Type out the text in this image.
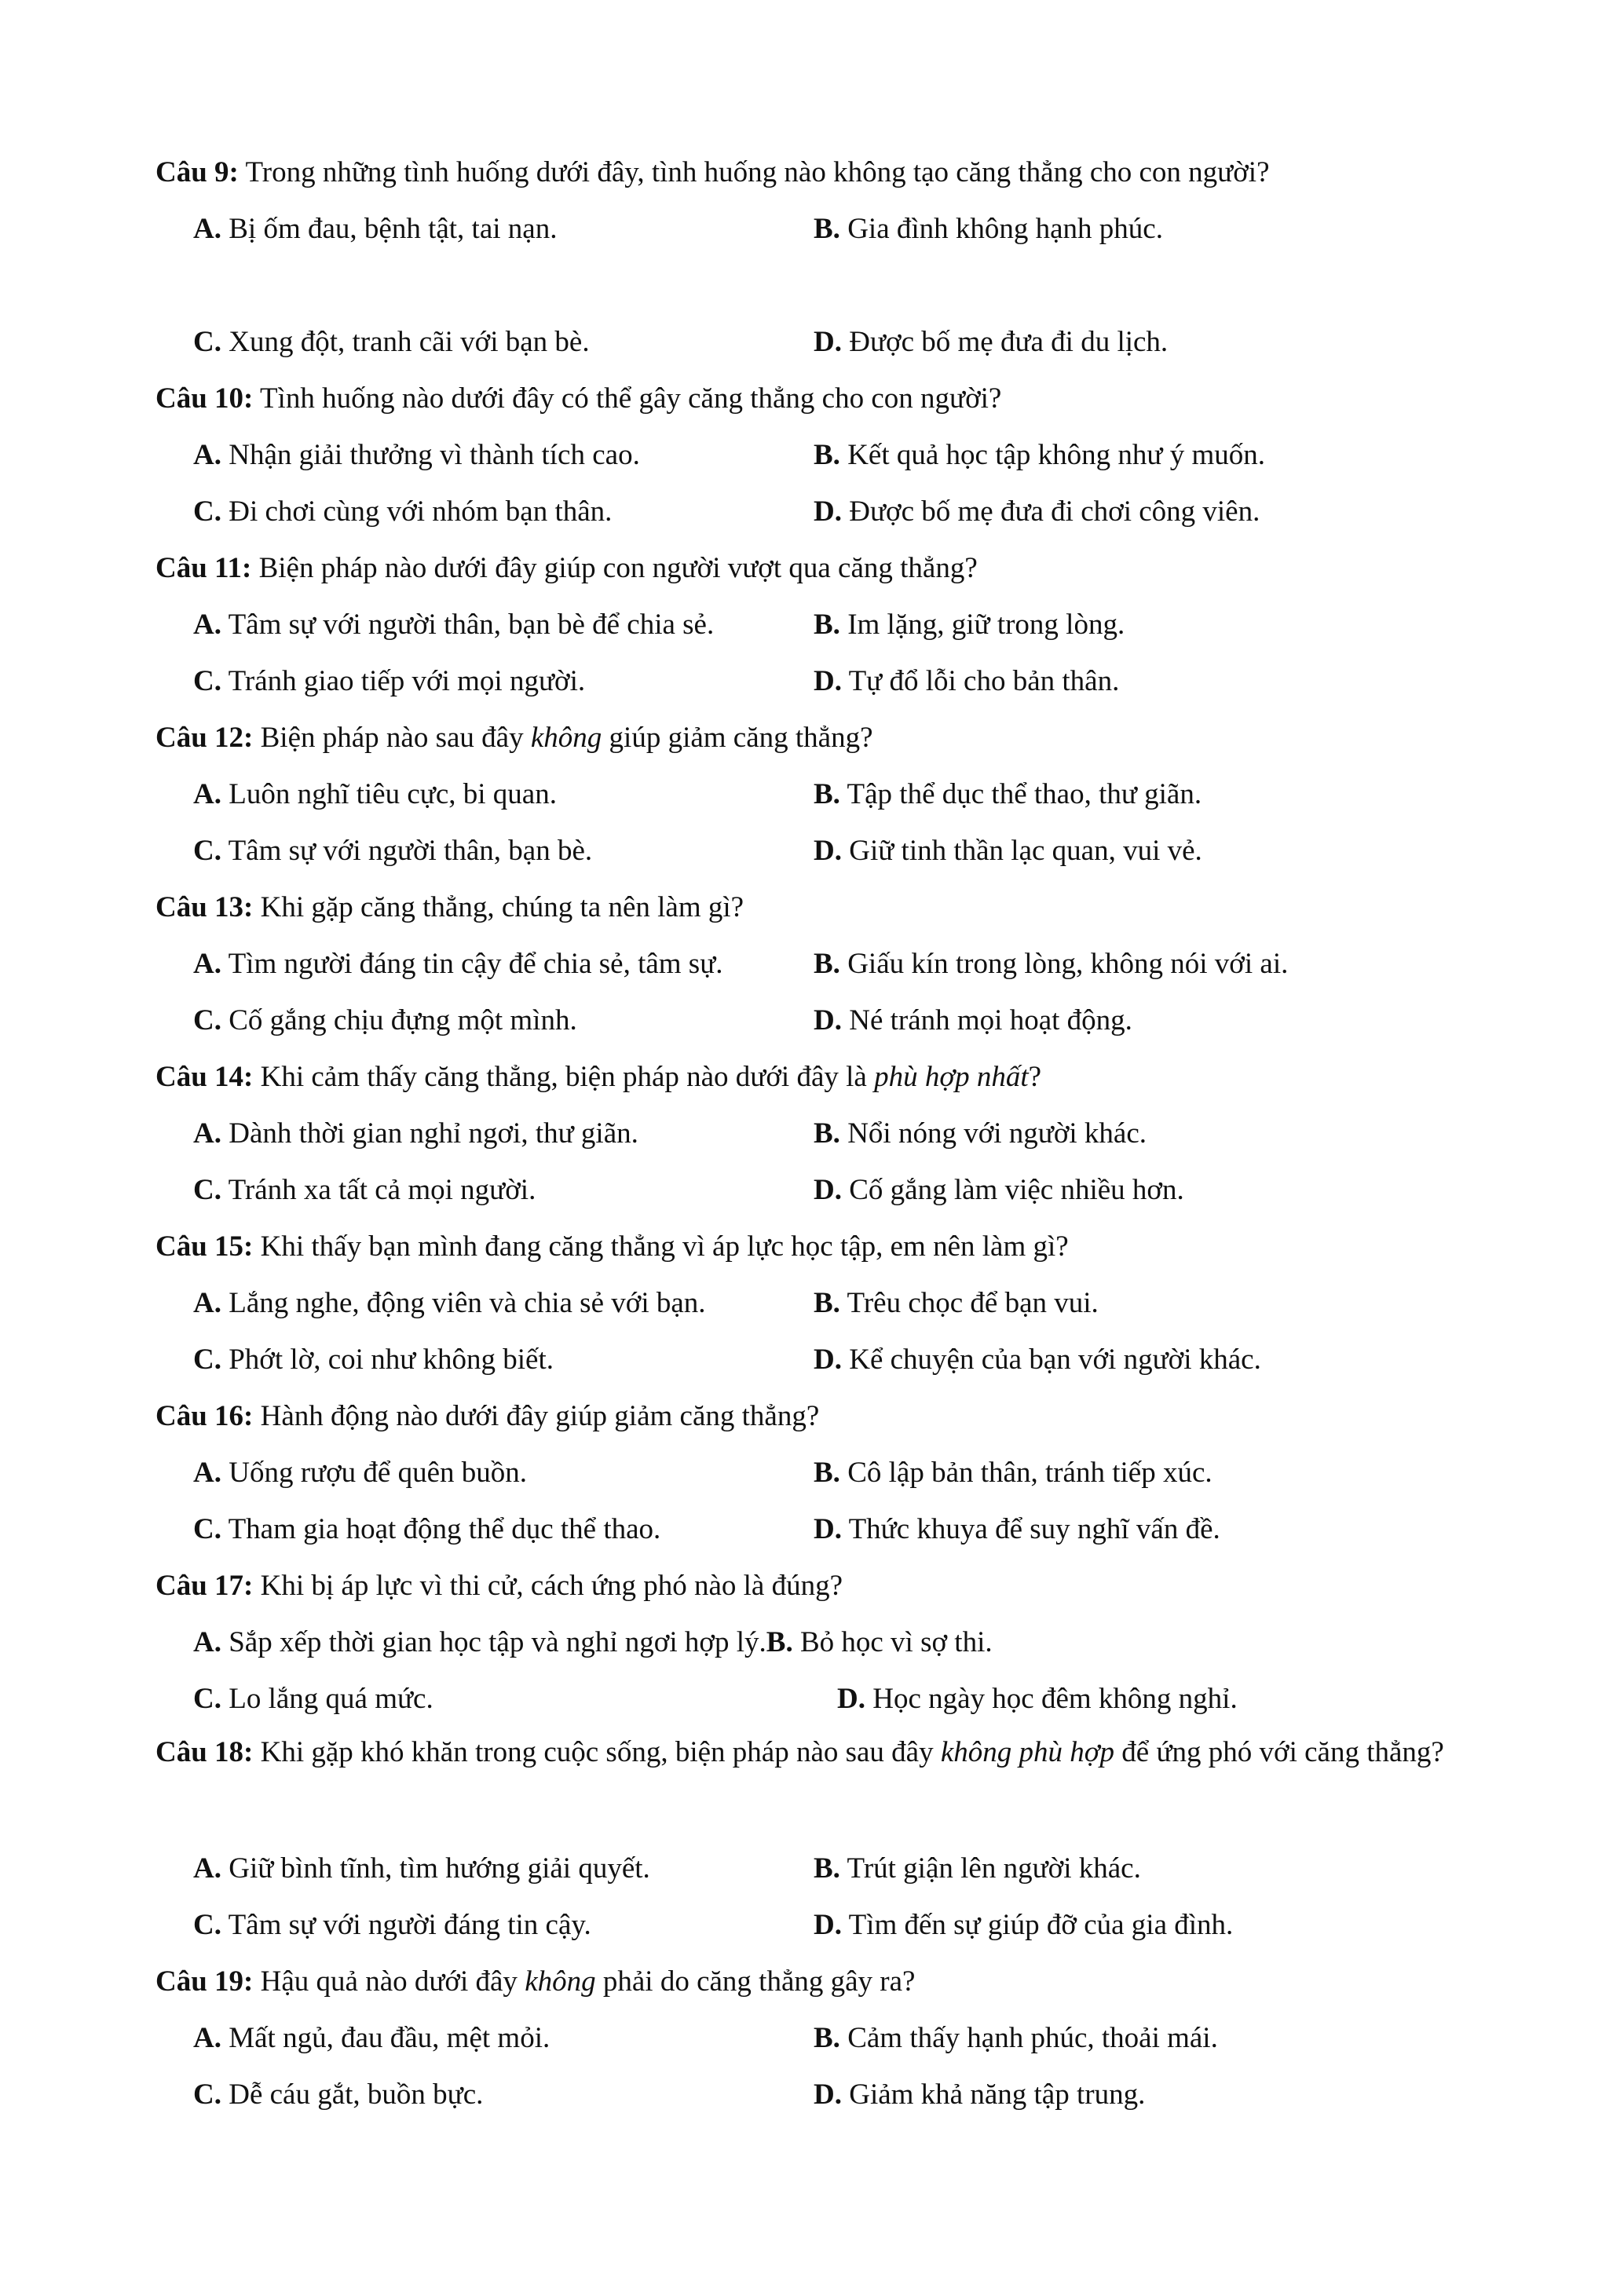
Câu 9: Trong những tình huống dưới đây, tình huống nào không tạo căng thẳng cho con người?
A. Bị ốm đau, bệnh tật, tai nạn.	B. Gia đình không hạnh phúc.
C. Xung đột, tranh cãi với bạn bè.	D. Được bố mẹ đưa đi du lịch.
Câu 10: Tình huống nào dưới đây có thể gây căng thẳng cho con người?
A. Nhận giải thưởng vì thành tích cao.	B. Kết quả học tập không như ý muốn.
C. Đi chơi cùng với nhóm bạn thân.	D. Được bố mẹ đưa đi chơi công viên.
Câu 11: Biện pháp nào dưới đây giúp con người vượt qua căng thẳng?
A. Tâm sự với người thân, bạn bè để chia sẻ.	B. Im lặng, giữ trong lòng.
C. Tránh giao tiếp với mọi người.	D. Tự đổ lỗi cho bản thân.
Câu 12: Biện pháp nào sau đây không giúp giảm căng thẳng?
A. Luôn nghĩ tiêu cực, bi quan.	B. Tập thể dục thể thao, thư giãn.
C. Tâm sự với người thân, bạn bè.	D. Giữ tinh thần lạc quan, vui vẻ.
Câu 13: Khi gặp căng thẳng, chúng ta nên làm gì?
A. Tìm người đáng tin cậy để chia sẻ, tâm sự.	B. Giấu kín trong lòng, không nói với ai.
C. Cố gắng chịu đựng một mình.	D. Né tránh mọi hoạt động.
Câu 14: Khi cảm thấy căng thẳng, biện pháp nào dưới đây là phù hợp nhất?
A. Dành thời gian nghỉ ngơi, thư giãn.	B. Nổi nóng với người khác.
C. Tránh xa tất cả mọi người.	D. Cố gắng làm việc nhiều hơn.
Câu 15: Khi thấy bạn mình đang căng thẳng vì áp lực học tập, em nên làm gì?
A. Lắng nghe, động viên và chia sẻ với bạn.	B. Trêu chọc để bạn vui.
C. Phớt lờ, coi như không biết.	D. Kể chuyện của bạn với người khác.
Câu 16: Hành động nào dưới đây giúp giảm căng thẳng?
A. Uống rượu để quên buồn.	B. Cô lập bản thân, tránh tiếp xúc.
C. Tham gia hoạt động thể dục thể thao.	D. Thức khuya để suy nghĩ vấn đề.
Câu 17: Khi bị áp lực vì thi cử, cách ứng phó nào là đúng?
A. Sắp xếp thời gian học tập và nghỉ ngơi hợp lý.B. Bỏ học vì sợ thi.
C. Lo lắng quá mức.	D. Học ngày học đêm không nghỉ.
Câu 18: Khi gặp khó khăn trong cuộc sống, biện pháp nào sau đây không phù hợp để ứng phó với căng thẳng?
A. Giữ bình tĩnh, tìm hướng giải quyết.	B. Trút giận lên người khác.
C. Tâm sự với người đáng tin cậy.	D. Tìm đến sự giúp đỡ của gia đình.
Câu 19: Hậu quả nào dưới đây không phải do căng thẳng gây ra?
A. Mất ngủ, đau đầu, mệt mỏi.	B. Cảm thấy hạnh phúc, thoải mái.
C. Dễ cáu gắt, buồn bực.	D. Giảm khả năng tập trung.
